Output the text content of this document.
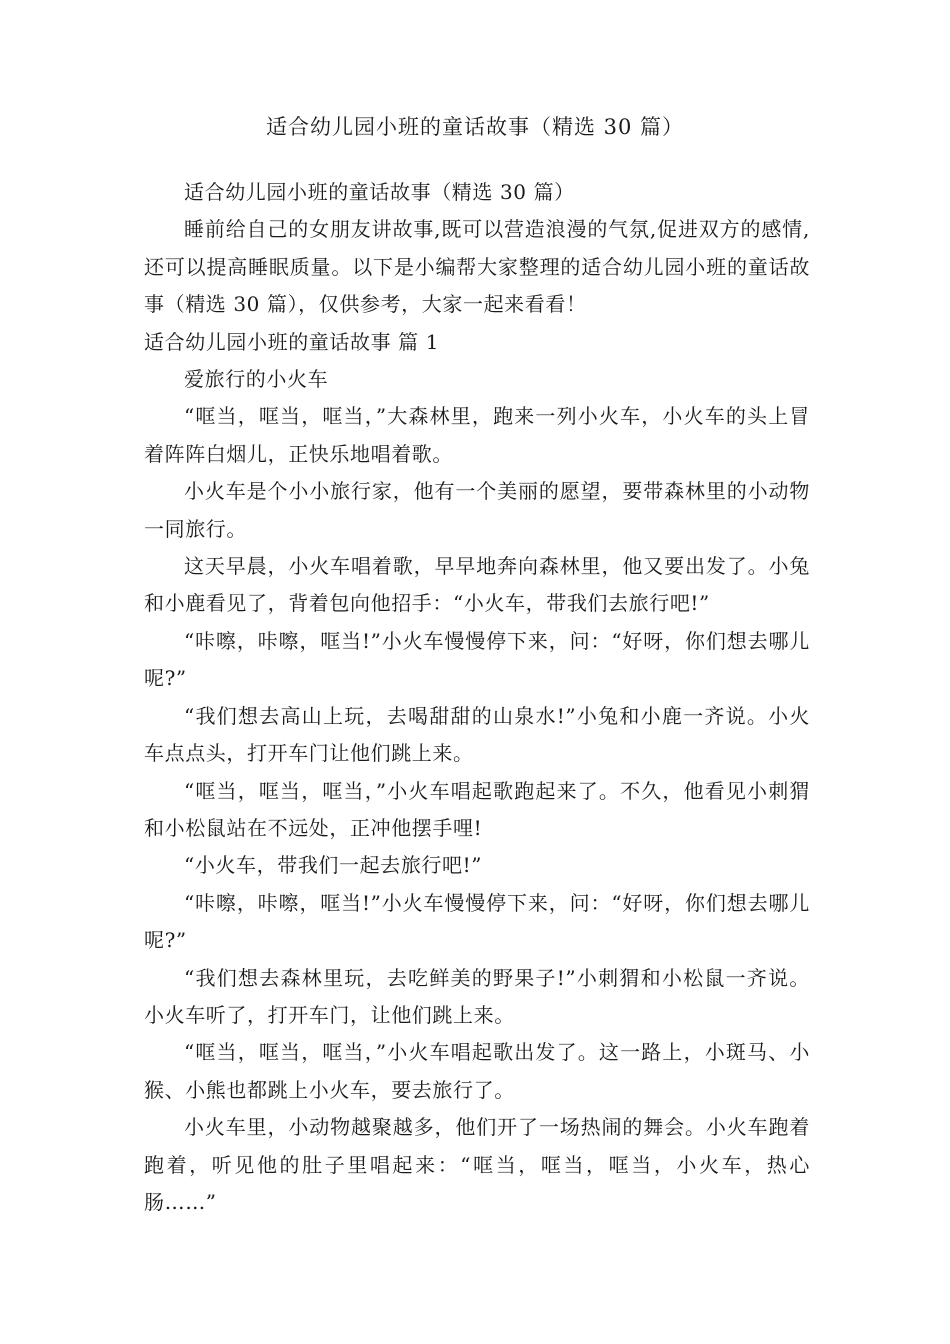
适合幼儿园小班的童话故事（精选 30 篇）

适合幼儿园小班的童话故事（精选 30 篇）

睡前给自己的女朋友讲故事,既可以营造浪漫的气氛,促进双方的感情,还可以提高睡眠质量。以下是小编帮大家整理的适合幼儿园小班的童话故事（精选 30 篇），仅供参考，大家一起来看看！

适合幼儿园小班的童话故事 篇 1

爱旅行的小火车

“哐当，哐当，哐当，”大森林里，跑来一列小火车，小火车的头上冒着阵阵白烟儿，正快乐地唱着歌。

小火车是个小小旅行家，他有一个美丽的愿望，要带森林里的小动物一同旅行。

这天早晨，小火车唱着歌，早早地奔向森林里，他又要出发了。小兔和小鹿看见了，背着包向他招手：“小火车，带我们去旅行吧!”

“咔嚓，咔嚓，哐当!”小火车慢慢停下来，问：“好呀，你们想去哪儿呢?”

“我们想去高山上玩，去喝甜甜的山泉水!”小兔和小鹿一齐说。小火车点点头，打开车门让他们跳上来。

“哐当，哐当，哐当，”小火车唱起歌跑起来了。不久，他看见小刺猬和小松鼠站在不远处，正冲他摆手哩!

“小火车，带我们一起去旅行吧!”

“咔嚓，咔嚓，哐当!”小火车慢慢停下来，问：“好呀，你们想去哪儿呢?”

“我们想去森林里玩，去吃鲜美的野果子!”小刺猬和小松鼠一齐说。小火车听了，打开车门，让他们跳上来。

“哐当，哐当，哐当，”小火车唱起歌出发了。这一路上，小斑马、小猴、小熊也都跳上小火车，要去旅行了。

小火车里，小动物越聚越多，他们开了一场热闹的舞会。小火车跑着跑着，听见他的肚子里唱起来：“哐当，哐当，哐当，小火车，热心肠……”
